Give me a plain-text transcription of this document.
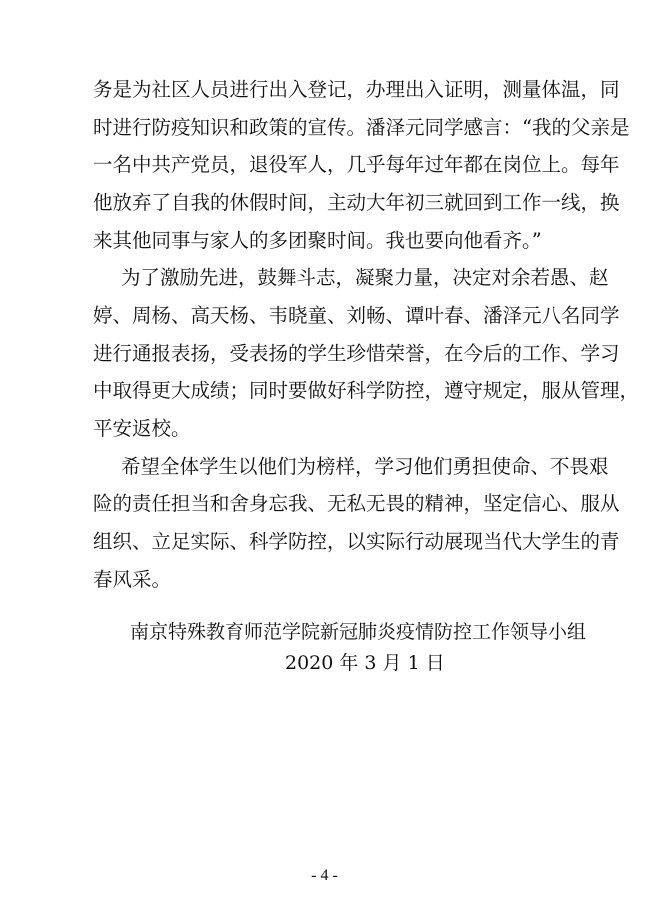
务是为社区人员进行出入登记，办理出入证明，测量体温，同
时进行防疫知识和政策的宣传。潘泽元同学感言：“我的父亲是
一名中共产党员，退役军人，几乎每年过年都在岗位上。每年
他放弃了自我的休假时间，主动大年初三就回到工作一线，换
来其他同事与家人的多团聚时间。我也要向他看齐。”
为了激励先进，鼓舞斗志，凝聚力量，决定对余若愚、赵
婷、周杨、高天杨、韦晓童、刘畅、谭叶春、潘泽元八名同学
进行通报表扬，受表扬的学生珍惜荣誉，在今后的工作、学习
中取得更大成绩；同时要做好科学防控，遵守规定，服从管理，
平安返校。
希望全体学生以他们为榜样，学习他们勇担使命、不畏艰
险的责任担当和舍身忘我、无私无畏的精神，坚定信心、服从
组织、立足实际、科学防控，以实际行动展现当代大学生的青
春风采。
南京特殊教育师范学院新冠肺炎疫情防控工作领导小组
2020 年 3 月 1 日
- 4 -
